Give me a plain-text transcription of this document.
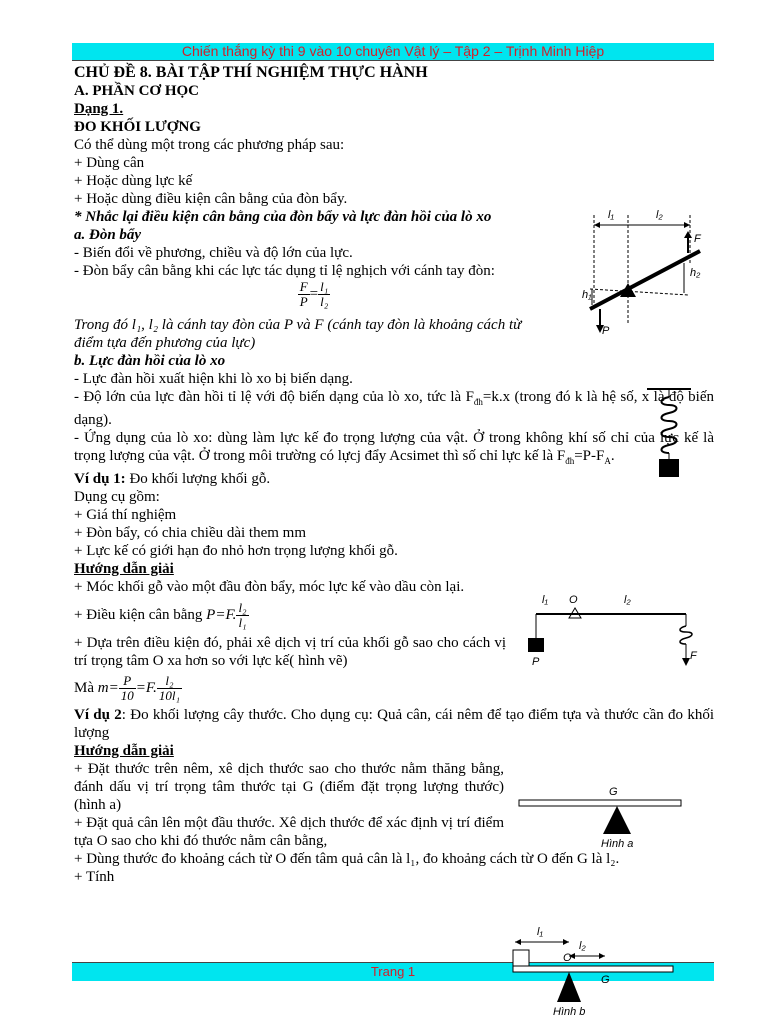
Chiến thắng kỳ thi 9 vào 10 chuyên Vật lý – Tập 2 – Trịnh Minh Hiệp
CHỦ ĐỀ 8. BÀI TẬP THÍ NGHIỆM THỰC HÀNH
A. PHẦN CƠ HỌC
Dạng 1.
ĐO KHỐI LƯỢNG
Có thể dùng một trong các phương pháp sau:
+ Dùng cân
+ Hoặc dùng lực kế
+ Hoặc dùng điều kiện cân bằng của đòn bẩy.
* Nhắc lại điều kiện cân bằng của đòn bẩy và lực đàn hồi của lò xo
a. Đòn bẩy
- Biến đổi về phương, chiều và độ lớn của lực.
- Đòn bẩy cân bằng khi các lực tác dụng tỉ lệ nghịch với cánh tay đòn:
$\frac{F}{P} = \frac{\text{l₁}}{\text{l₂}}$
Trong đó l₁, l₂ là cánh tay đòn của P và F (cánh tay đòn là khoảng cách từ điểm tựa đến phương của lực)
b. Lực đàn hồi của lò xo
- Lực đàn hồi xuất hiện khi lò xo bị biến dạng.
- Độ lớn của lực đàn hồi tỉ lệ với độ biến dạng của lò xo, tức là $F_{đh}=k.x$ (trong đó k là hệ số, x là độ biến dạng).
- Ứng dụng của lò xo: dùng làm lực kế đo trọng lượng của vật. Ở trong không khí số chỉ của lực kế là trọng lượng của vật. Ở trong môi trường có lựcj đẩy Acsimet thì số chỉ lực kế là $F_{đh}=P-F_A$.
Ví dụ 1: Đo khối lượng khối gỗ.
Dụng cụ gồm:
+ Giá thí nghiệm
+ Đòn bẩy, có chia chiều dài them mm
+ Lực kế có giới hạn đo nhỏ hơn trọng lượng khối gỗ.
Hướng dẫn giải
+ Móc khối gỗ vào một đầu đòn bẩy, móc lực kế vào dầu còn lại.
+ Điều kiện cân bằng P=F. $\frac{\text{l₂}}{\text{l₁}}$
+ Dựa trên điều kiện đó, phải xê dịch vị trí của khối gỗ sao cho cách vị trí trọng tâm O xa hơn so với lực kế( hình vẽ)
Mà $m= \frac{P}{10} =F$. $\frac{\text{l₂}}{\text{10l₁}}$
Ví dụ 2: Đo khối lượng cây thước. Cho dụng cụ: Quả cân, cái nêm để tạo điểm tựa và thước cần đo khối lượng
Hướng dẫn giải
+ Đặt thước trên nêm, xê dịch thước sao cho thước nằm thăng bằng, đánh dấu vị trí trọng tâm thước tại G (điểm đặt trọng lượng thước)(hình a)
+ Đặt quả cân lên một đầu thước. Xê dịch thước để xác định vị trí điểm tựa O sao cho khi đó thước nằm cân bằng,
+ Dùng thước đo khoảng cách từ O đến tâm quả cân là l₁, đo khoảng cách từ O đến G là l₂.
+ Tính
l₁	l₂
F
h₂
h₁
P
l₁ O	l₂
P	F
G
Hình a
Trang 1
l₁
l₂
O
G
Hình b
